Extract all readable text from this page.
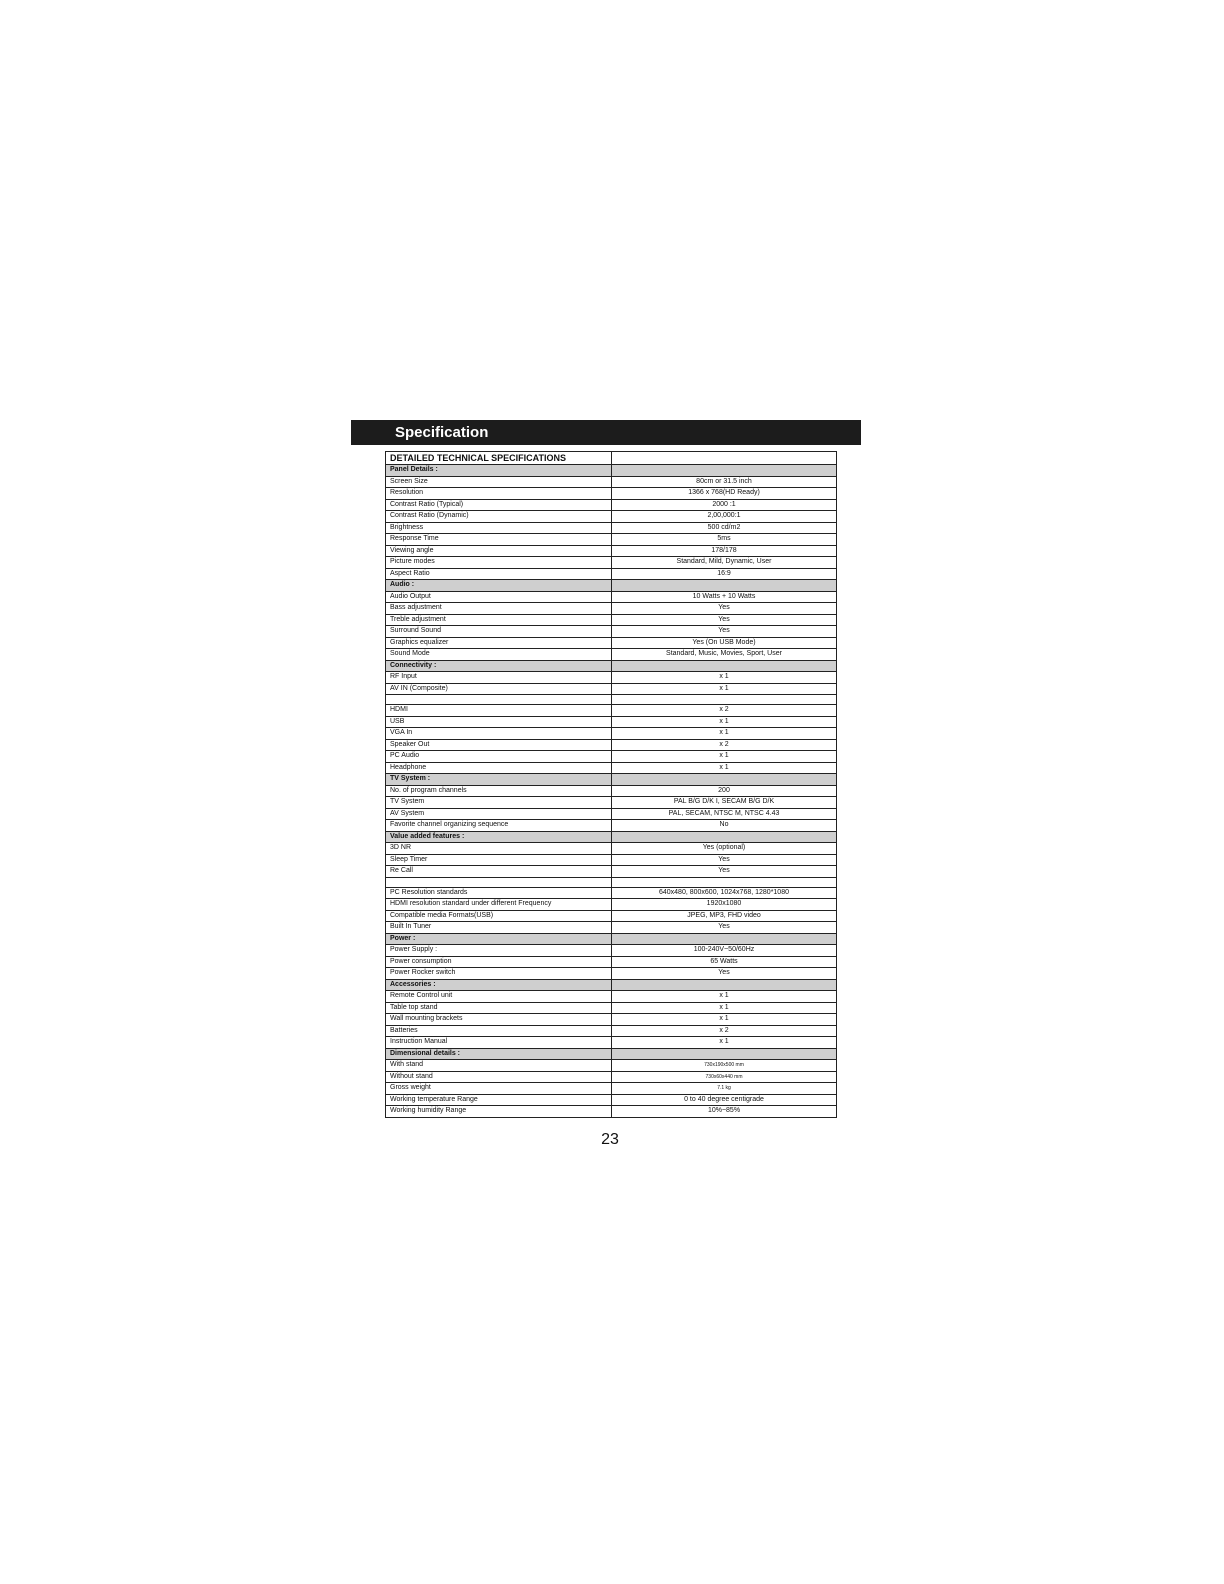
Specification
DETAILED TECHNICAL SPECIFICATIONS	
Panel Details :	
Screen Size	80cm or 31.5 inch
Resolution	1366 x 768(HD Ready)
Contrast Ratio (Typical)	2000 :1
Contrast Ratio (Dynamic)	2,00,000:1
Brightness	500 cd/m2
Response Time	5ms
Viewing angle	178/178
Picture modes	Standard, Mild, Dynamic, User
Aspect Ratio	16:9
Audio :	
Audio Output	10 Watts + 10 Watts
Bass adjustment	Yes
Treble adjustment	Yes
Surround Sound	Yes
Graphics equalizer	Yes (On USB Mode)
Sound Mode	Standard, Music, Movies, Sport, User
Connectivity :	
RF Input	x 1
AV IN (Composite)	x 1

HDMI	x 2
USB	x 1
VGA In	x 1
Speaker Out	x 2
PC Audio	x 1
Headphone	x 1
TV System :	
No. of program channels	200
TV System	PAL B/G D/K I, SECAM B/G D/K
AV System	PAL, SECAM, NTSC M, NTSC 4.43
Favorite channel organizing sequence	No
Value added features :	
3D NR	Yes (optional)
Sleep Timer	Yes
Re Call	Yes

PC Resolution standards	640x480, 800x600, 1024x768, 1280*1080
HDMI resolution standard under different Frequency	1920x1080
Compatible media Formats(USB)	JPEG, MP3, FHD video
Built In Tuner	Yes
Power :	
Power Supply :	100-240V~50/60Hz
Power consumption	65 Watts
Power Rocker switch	Yes
Accessories :	
Remote Control unit	x 1
Table top stand	x 1
Wall mounting brackets	x 1
Batteries	x 2
Instruction Manual	x 1
Dimensional details :	
With stand	730x190x500 mm
Without stand	730x60x440 mm
Gross weight	7.1 kg
Working temperature Range	0 to 40 degree centigrade
Working humidity Range	10%~85%
23
